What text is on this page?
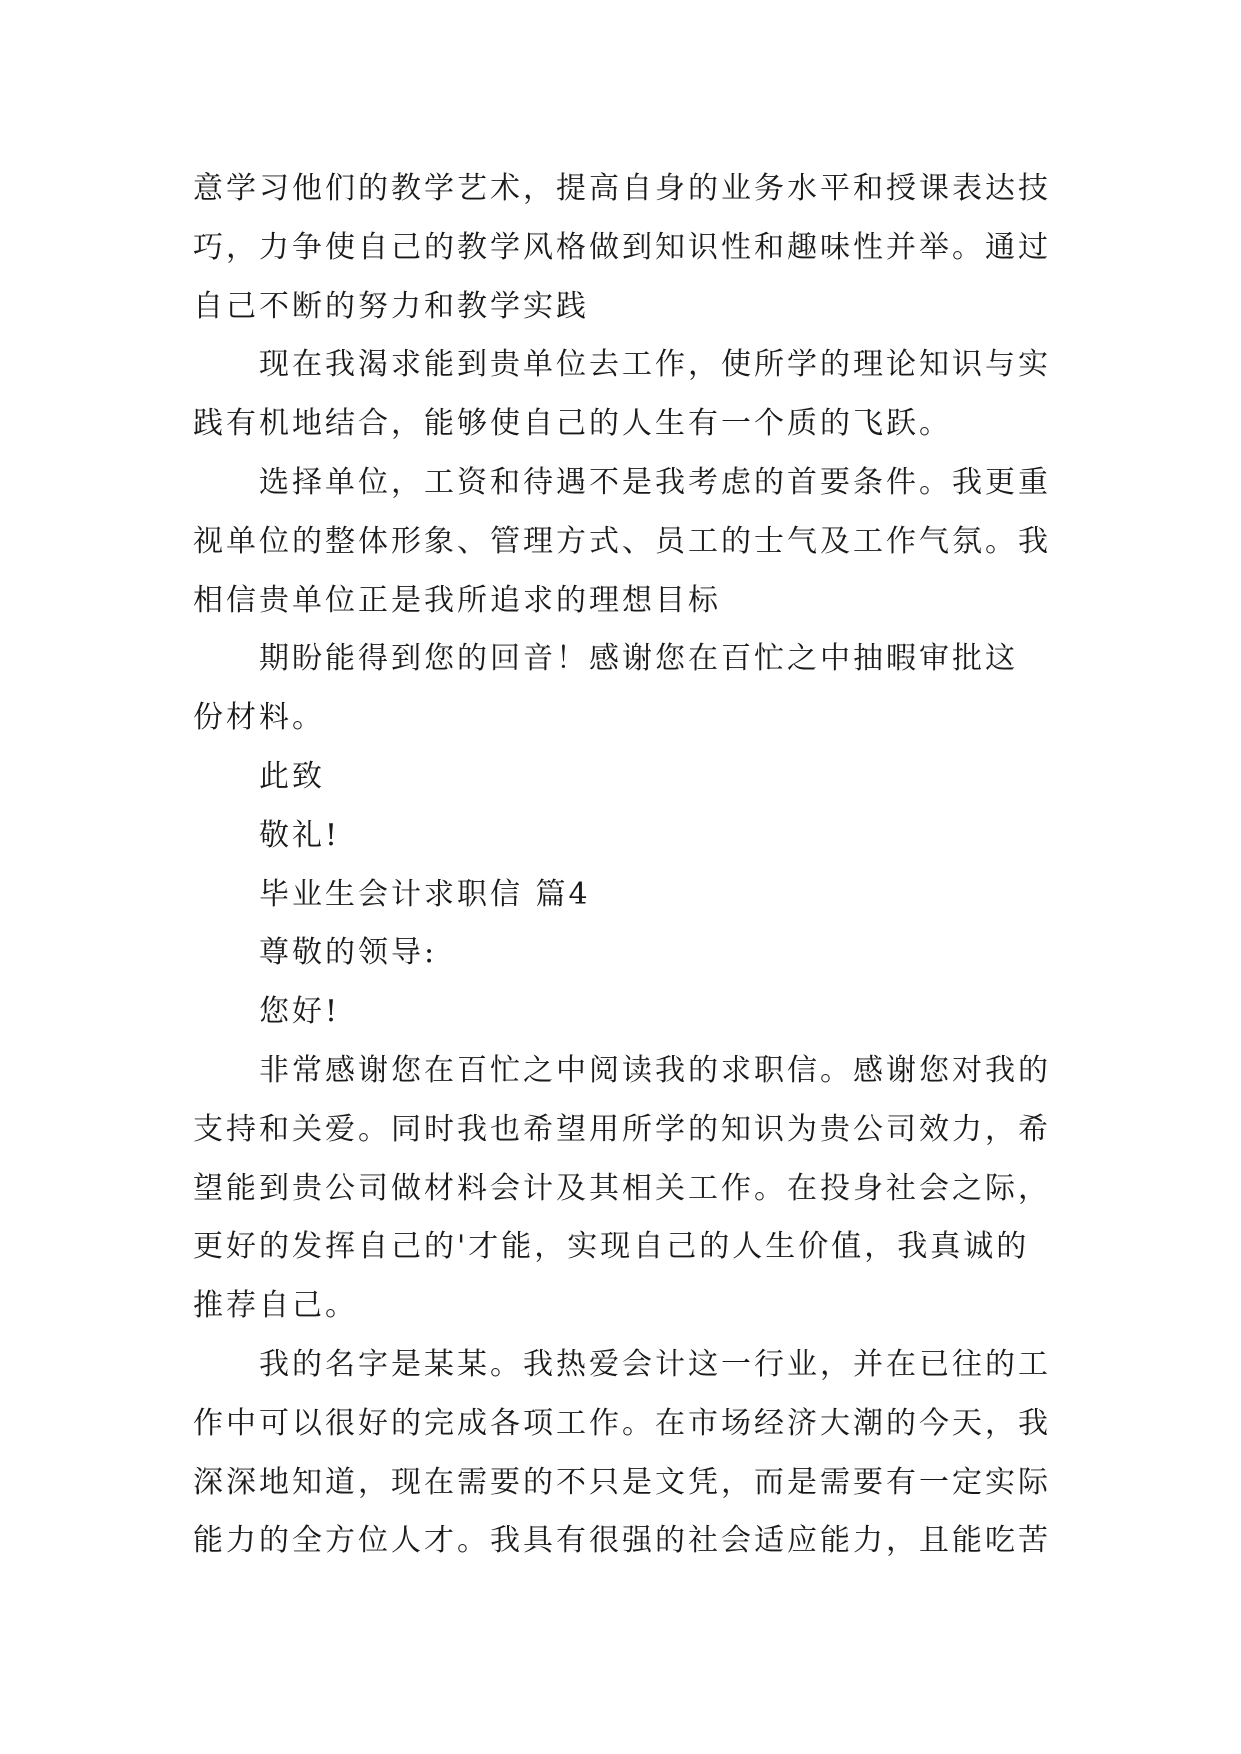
意学习他们的教学艺术，提高自身的业务水平和授课表达技
巧，力争使自己的教学风格做到知识性和趣味性并举。通过
自己不断的努力和教学实践
现在我渴求能到贵单位去工作，使所学的理论知识与实
践有机地结合，能够使自己的人生有一个质的飞跃。
选择单位，工资和待遇不是我考虑的首要条件。我更重
视单位的整体形象、管理方式、员工的士气及工作气氛。我
相信贵单位正是我所追求的理想目标
期盼能得到您的回音！感谢您在百忙之中抽暇审批这
份材料。
此致
敬礼!
毕业生会计求职信 篇4
尊敬的领导:
您好!
非常感谢您在百忙之中阅读我的求职信。感谢您对我的
支持和关爱。同时我也希望用所学的知识为贵公司效力，希
望能到贵公司做材料会计及其相关工作。在投身社会之际，
更好的发挥自己的'才能，实现自己的人生价值，我真诚的
推荐自己。
我的名字是某某。我热爱会计这一行业，并在已往的工
作中可以很好的完成各项工作。在市场经济大潮的今天，我
深深地知道，现在需要的不只是文凭，而是需要有一定实际
能力的全方位人才。我具有很强的社会适应能力，且能吃苦
